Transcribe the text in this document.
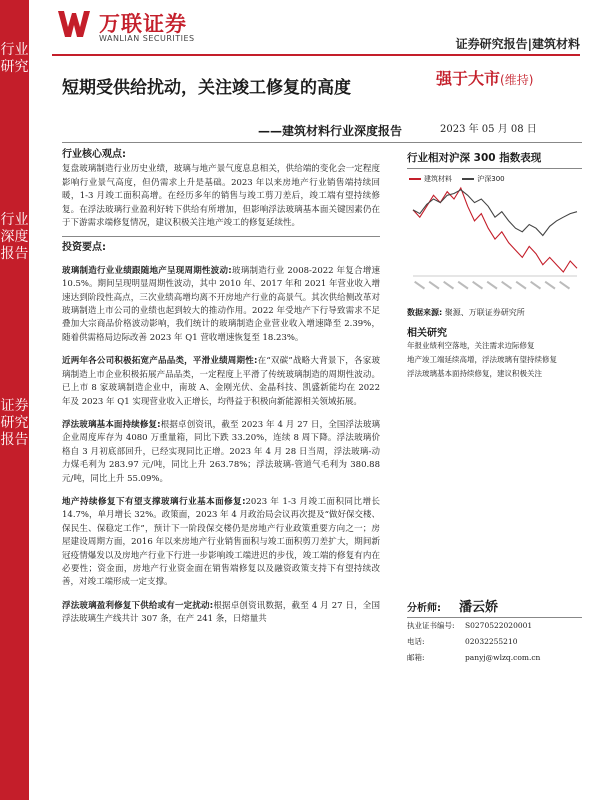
行业研究
行业深度报告
证券研究报告
万联证券
WANLIAN SECURITIES	证券研究报告|建筑材料
短期受供给扰动，关注竣工修复的高度
——建筑材料行业深度报告
强于大市(维持)
2023 年 05 月 08 日
行业核心观点:
复盘玻璃制造行业历史业绩，玻璃与地产景气度息息相关，供给端的变化会一定程度影响行业景气高度，但仍需求上升是基础。2023 年以来房地产行业销售端持续回暖，1-3 月竣工面积高增。在经历多年的销售与竣工剪刀差后，竣工端有望持续修复。在浮法玻璃行业盈利好转下供给有所增加，但影响浮法玻璃基本面关键因素仍在于下游需求端修复情况，建议积极关注地产竣工的修复延续性。
投资要点:

玻璃制造行业业绩跟随地产呈现周期性波动:玻璃制造行业 2008-2022 年复合增速 10.5%。期间呈现明显周期性波动，其中 2010 年、2017 年和 2021 年营业收入增速达到阶段性高点，三次业绩高增均离不开房地产行业的高景气。其次供给侧改革对玻璃制造上市公司的业绩也起到较大的推动作用。2022 年受地产下行导致需求不足叠加大宗商品价格波动影响，我们统计的玻璃制造企业营业收入增速降至 2.39%，随着供需格局边际改善 2023 年 Q1 营收增速恢复至 18.23%。

近两年各公司积极拓宽产品品类，平滑业绩周期性:在“双碳”战略大背景下，各家玻璃制造上市企业积极拓展产品品类，一定程度上平滑了传统玻璃制造的周期性波动。已上市 8 家玻璃制造企业中，南玻 A、金刚光伏、金晶科技、凯盛新能均在 2022 年及 2023 年 Q1 实现营业收入正增长，均得益于积极向新能源相关领域拓展。

浮法玻璃基本面持续修复:根据卓创资讯，截至 2023 年 4 月 27 日，全国浮法玻璃企业周度库存为 4080 万重量箱，同比下跌 33.20%，连续 8 周下降。浮法玻璃价格自 3 月初底部回升，已经实现同比正增。2023 年 4 月 28 日当周，浮法玻璃-动力煤毛利为 283.97 元/吨，同比上升 263.78%；浮法玻璃-管道气毛利为 380.88 元/吨，同比上升 55.09%。

地产持续修复下有望支撑玻璃行业基本面修复:2023 年 1-3 月竣工面积同比增长 14.7%，单月增长 32%。政策面，2023 年 4 月政治局会议再次提及“做好保交楼、保民生、保稳定工作”，预计下一阶段保交楼仍是房地产行业政策重要方向之一；房屋建设周期方面，2016 年以来房地产行业销售面积与竣工面积剪刀差扩大，期间新冠疫情爆发以及房地产行业下行进一步影响竣工端进迟的步伐，竣工端的修复有内在必要性；资金面，房地产行业资金面在销售端修复以及融资政策支持下有望持续改善，对竣工端形成一定支撑。

浮法玻璃盈利修复下供给或有一定扰动:根据卓创资讯数据，截至 4 月 27 日，全国浮法玻璃生产线共计 307 条，在产 241 条，日熔量共

行业相对沪深 300 指数表现
建筑材料	沪深300
数据来源: 聚源、万联证券研究所
相关研究

年报业绩利空落地，关注需求边际修复

地产竣工端延续高增，浮法玻璃有望持续修复

浮法玻璃基本面持续修复，建议积极关注

分析师: 潘云娇
执业证书编号:	S0270522020001
电话:	02032255210
邮箱:	panyj@wlzq.com.cn
